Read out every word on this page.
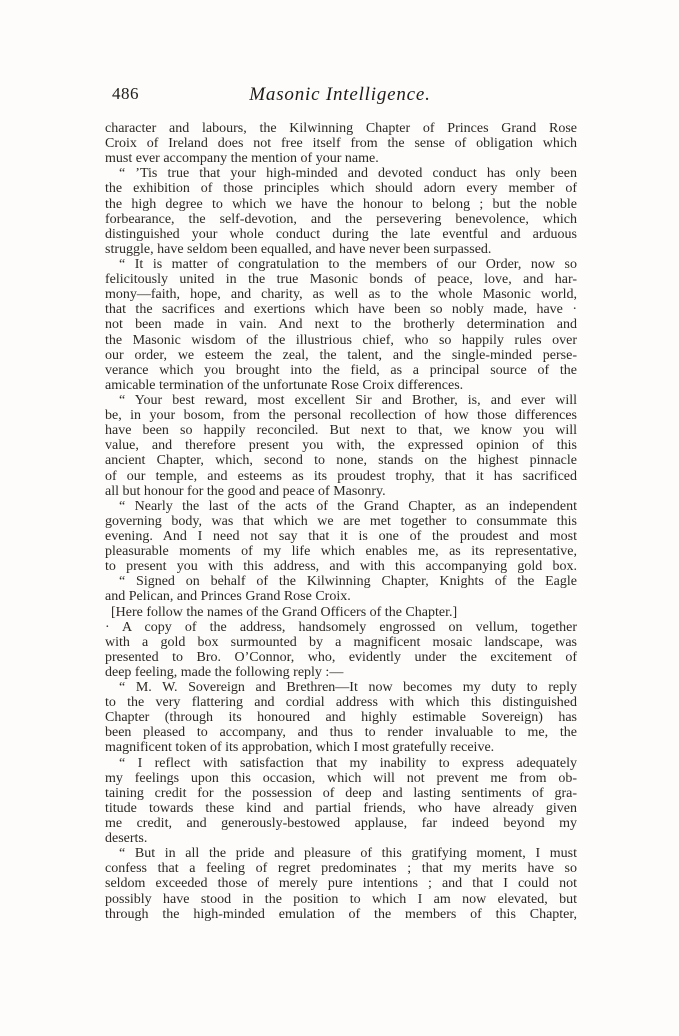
486	Masonic Intelligence.
character and labours, the Kilwinning Chapter of Princes Grand Rose
Croix of Ireland does not free itself from the sense of obligation which
must ever accompany the mention of your name.
“ ’Tis true that your high-minded and devoted conduct has only been
the exhibition of those principles which should adorn every member of
the high degree to which we have the honour to belong ; but the noble
forbearance, the self-devotion, and the persevering benevolence, which
distinguished your whole conduct during the late eventful and arduous
struggle, have seldom been equalled, and have never been surpassed.
“ It is matter of congratulation to the members of our Order, now so
felicitously united in the true Masonic bonds of peace, love, and har-
mony—faith, hope, and charity, as well as to the whole Masonic world,
that the sacrifices and exertions which have been so nobly made, have ·
not been made in vain. And next to the brotherly determination and
the Masonic wisdom of the illustrious chief, who so happily rules over
our order, we esteem the zeal, the talent, and the single-minded perse-
verance which you brought into the field, as a principal source of the
amicable termination of the unfortunate Rose Croix differences.
“ Your best reward, most excellent Sir and Brother, is, and ever will
be, in your bosom, from the personal recollection of how those differences
have been so happily reconciled. But next to that, we know you will
value, and therefore present you with, the expressed opinion of this
ancient Chapter, which, second to none, stands on the highest pinnacle
of our temple, and esteems as its proudest trophy, that it has sacrificed
all but honour for the good and peace of Masonry.
“ Nearly the last of the acts of the Grand Chapter, as an independent
governing body, was that which we are met together to consummate this
evening. And I need not say that it is one of the proudest and most
pleasurable moments of my life which enables me, as its representative,
to present you with this address, and with this accompanying gold box.
“ Signed on behalf of the Kilwinning Chapter, Knights of the Eagle
and Pelican, and Princes Grand Rose Croix.
[Here follow the names of the Grand Officers of the Chapter.]
· A copy of the address, handsomely engrossed on vellum, together
with a gold box surmounted by a magnificent mosaic landscape, was
presented to Bro. O’Connor, who, evidently under the excitement of
deep feeling, made the following reply :—
“ M. W. Sovereign and Brethren—It now becomes my duty to reply
to the very flattering and cordial address with which this distinguished
Chapter (through its honoured and highly estimable Sovereign) has
been pleased to accompany, and thus to render invaluable to me, the
magnificent token of its approbation, which I most gratefully receive.
“ I reflect with satisfaction that my inability to express adequately
my feelings upon this occasion, which will not prevent me from ob-
taining credit for the possession of deep and lasting sentiments of gra-
titude towards these kind and partial friends, who have already given
me credit, and generously-bestowed applause, far indeed beyond my
deserts.
“ But in all the pride and pleasure of this gratifying moment, I must
confess that a feeling of regret predominates ; that my merits have so
seldom exceeded those of merely pure intentions ; and that I could not
possibly have stood in the position to which I am now elevated, but
through the high-minded emulation of the members of this Chapter,
